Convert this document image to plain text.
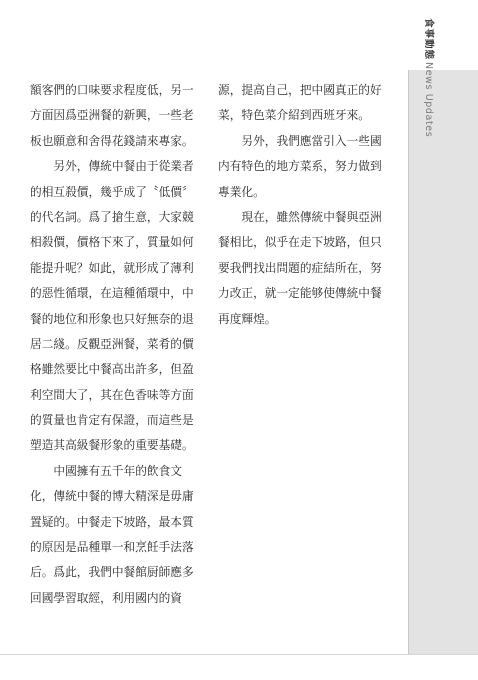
食事動態News Updates
額客們的口味要求程度低，另一
方面因爲亞洲餐的新興，一些老
板也願意和舍得花錢請來專家。
　　另外，傳統中餐由于從業者
的相互殺價，幾乎成了〝低價〞
的代名詞。爲了搶生意，大家競
相殺價，價格下來了，質量如何
能提升呢？如此，就形成了薄利
的惡性循環，在這種循環中，中
餐的地位和形象也只好無奈的退
居二綫。反觀亞洲餐，菜肴的價
格雖然要比中餐高出許多，但盈
利空間大了，其在色香味等方面
的質量也肯定有保證，而這些是
塑造其高級餐形象的重要基礎。
　　中國擁有五千年的飲食文
化，傳統中餐的博大精深是毋庸
置疑的。中餐走下坡路，最本質
的原因是品種單一和烹飪手法落
后。爲此，我們中餐館厨師應多
回國學習取經，利用國内的資
源，提高自己，把中國真正的好
菜，特色菜介紹到西班牙來。
　　另外，我們應當引入一些國
内有特色的地方菜系，努力做到
專業化。
　　現在，雖然傳統中餐與亞洲
餐相比，似乎在走下坡路，但只
要我們找出問題的症結所在，努
力改正，就一定能够使傳統中餐
再度輝煌。
